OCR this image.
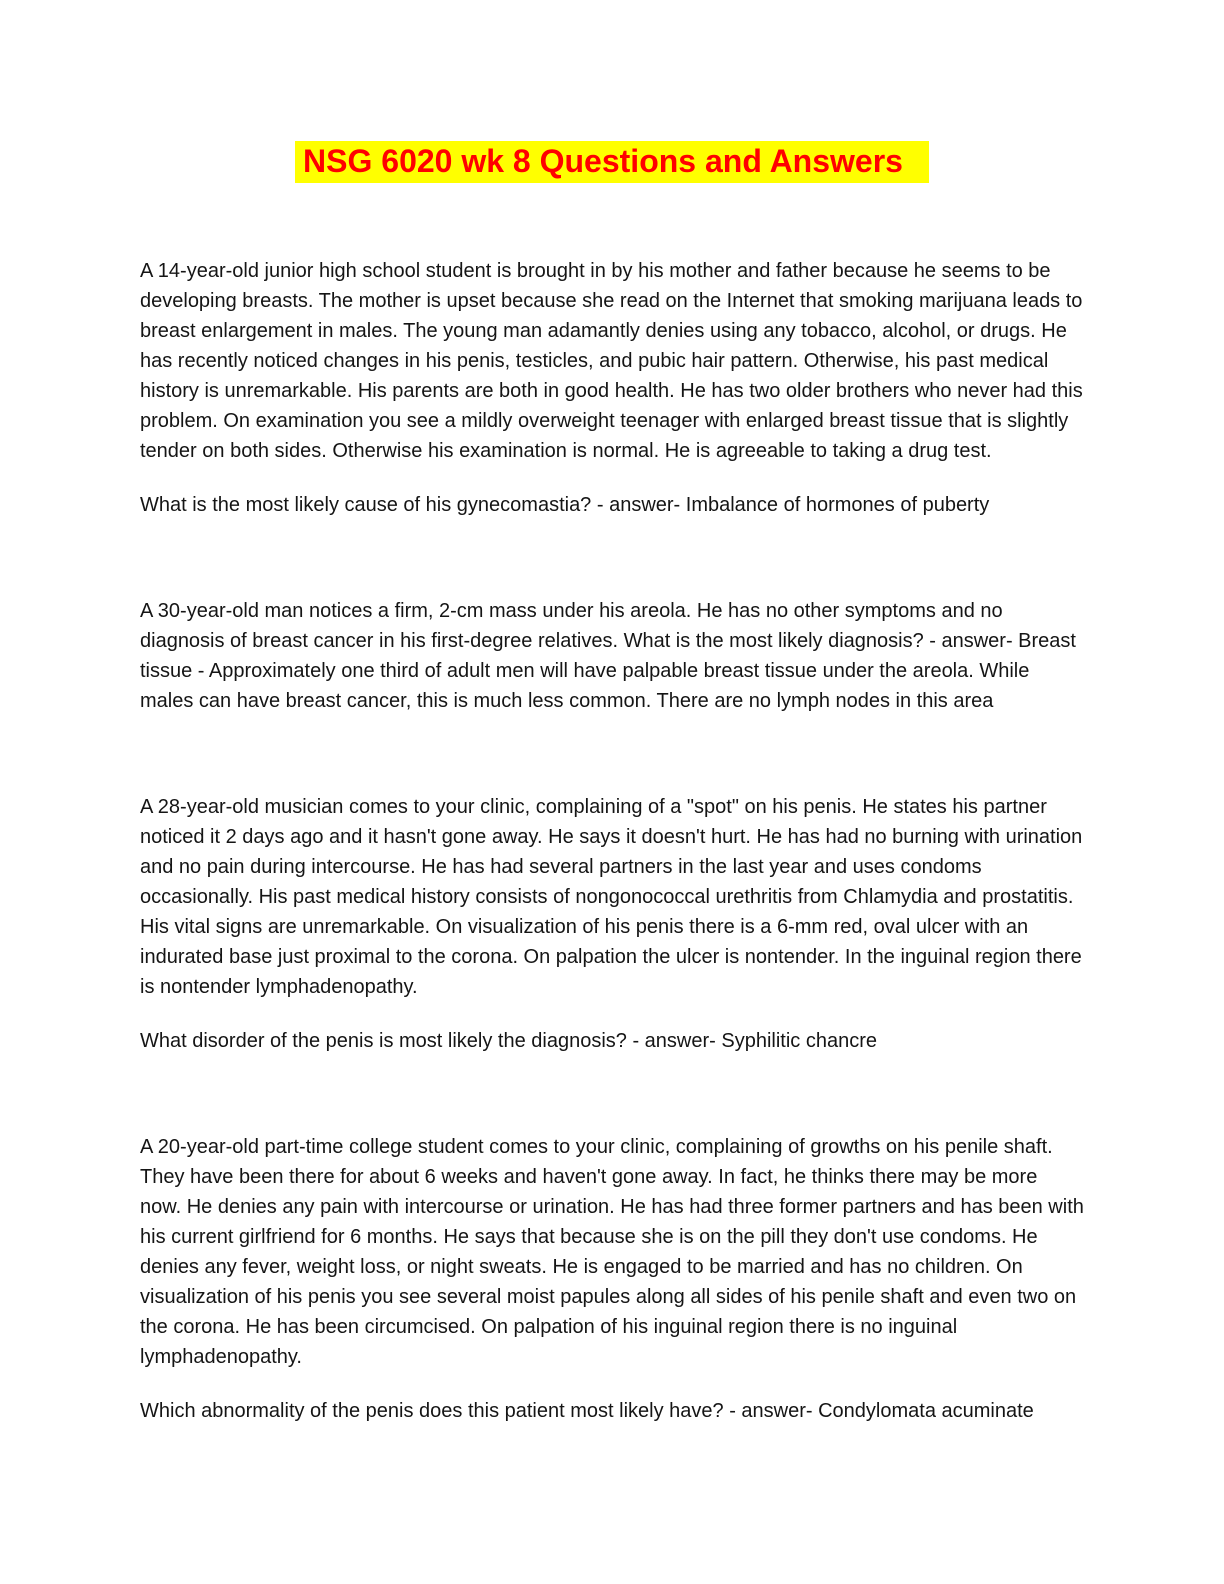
NSG 6020 wk 8 Questions and Answers

A 14-year-old junior high school student is brought in by his mother and father because he seems to be developing breasts. The mother is upset because she read on the Internet that smoking marijuana leads to breast enlargement in males. The young man adamantly denies using any tobacco, alcohol, or drugs. He has recently noticed changes in his penis, testicles, and pubic hair pattern. Otherwise, his past medical history is unremarkable. His parents are both in good health. He has two older brothers who never had this problem. On examination you see a mildly overweight teenager with enlarged breast tissue that is slightly tender on both sides. Otherwise his examination is normal. He is agreeable to taking a drug test.

What is the most likely cause of his gynecomastia? - answer- Imbalance of hormones of puberty

A 30-year-old man notices a firm, 2-cm mass under his areola. He has no other symptoms and no diagnosis of breast cancer in his first-degree relatives. What is the most likely diagnosis? - answer- Breast tissue - Approximately one third of adult men will have palpable breast tissue under the areola. While males can have breast cancer, this is much less common. There are no lymph nodes in this area

A 28-year-old musician comes to your clinic, complaining of a "spot" on his penis. He states his partner noticed it 2 days ago and it hasn't gone away. He says it doesn't hurt. He has had no burning with urination and no pain during intercourse. He has had several partners in the last year and uses condoms occasionally. His past medical history consists of nongonococcal urethritis from Chlamydia and prostatitis. His vital signs are unremarkable. On visualization of his penis there is a 6-mm red, oval ulcer with an indurated base just proximal to the corona. On palpation the ulcer is nontender. In the inguinal region there is nontender lymphadenopathy.

What disorder of the penis is most likely the diagnosis? - answer- Syphilitic chancre

A 20-year-old part-time college student comes to your clinic, complaining of growths on his penile shaft. They have been there for about 6 weeks and haven't gone away. In fact, he thinks there may be more now. He denies any pain with intercourse or urination. He has had three former partners and has been with his current girlfriend for 6 months. He says that because she is on the pill they don't use condoms. He denies any fever, weight loss, or night sweats. He is engaged to be married and has no children. On visualization of his penis you see several moist papules along all sides of his penile shaft and even two on the corona. He has been circumcised. On palpation of his inguinal region there is no inguinal lymphadenopathy.

Which abnormality of the penis does this patient most likely have? - answer- Condylomata acuminate
